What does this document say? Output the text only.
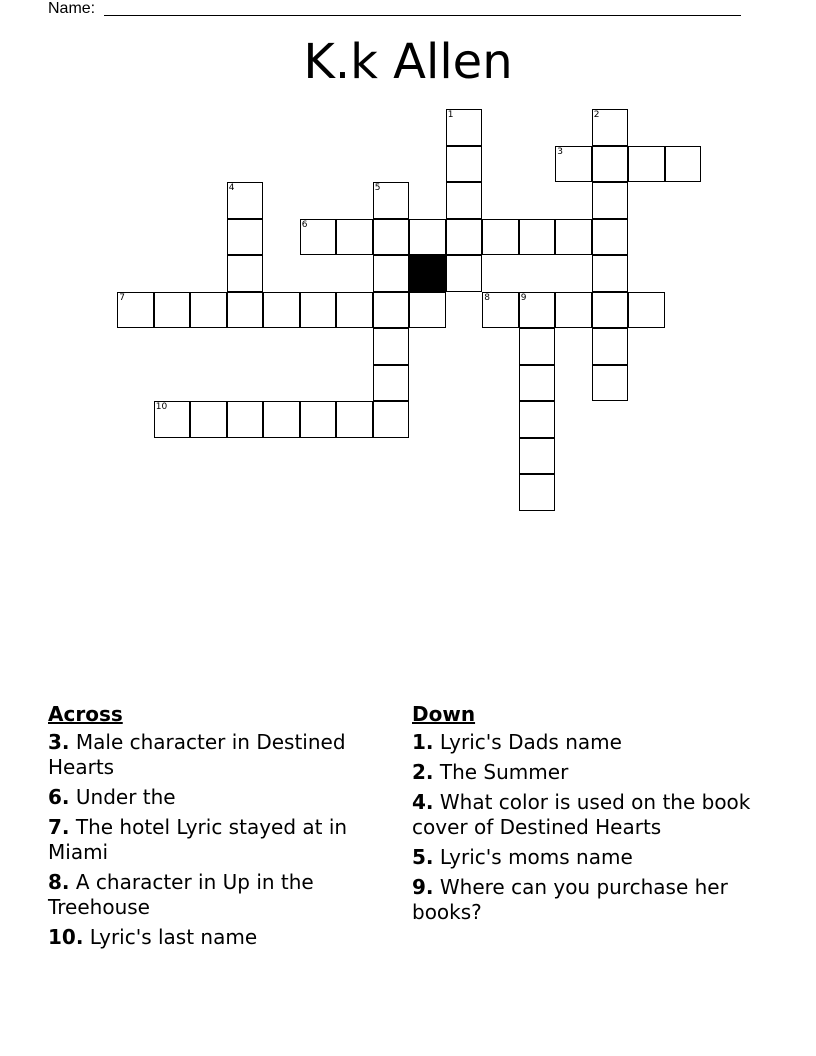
Name:
K.k Allen
1	2
3
4	5
6
7	8	9
10
Across
3. Male character in Destined Hearts
6. Under the
7. The hotel Lyric stayed at in Miami
8. A character in Up in the Treehouse
10. Lyric's last name
Down
1. Lyric's Dads name
2. The Summer
4. What color is used on the book cover of Destined Hearts
5. Lyric's moms name
9. Where can you purchase her books?
